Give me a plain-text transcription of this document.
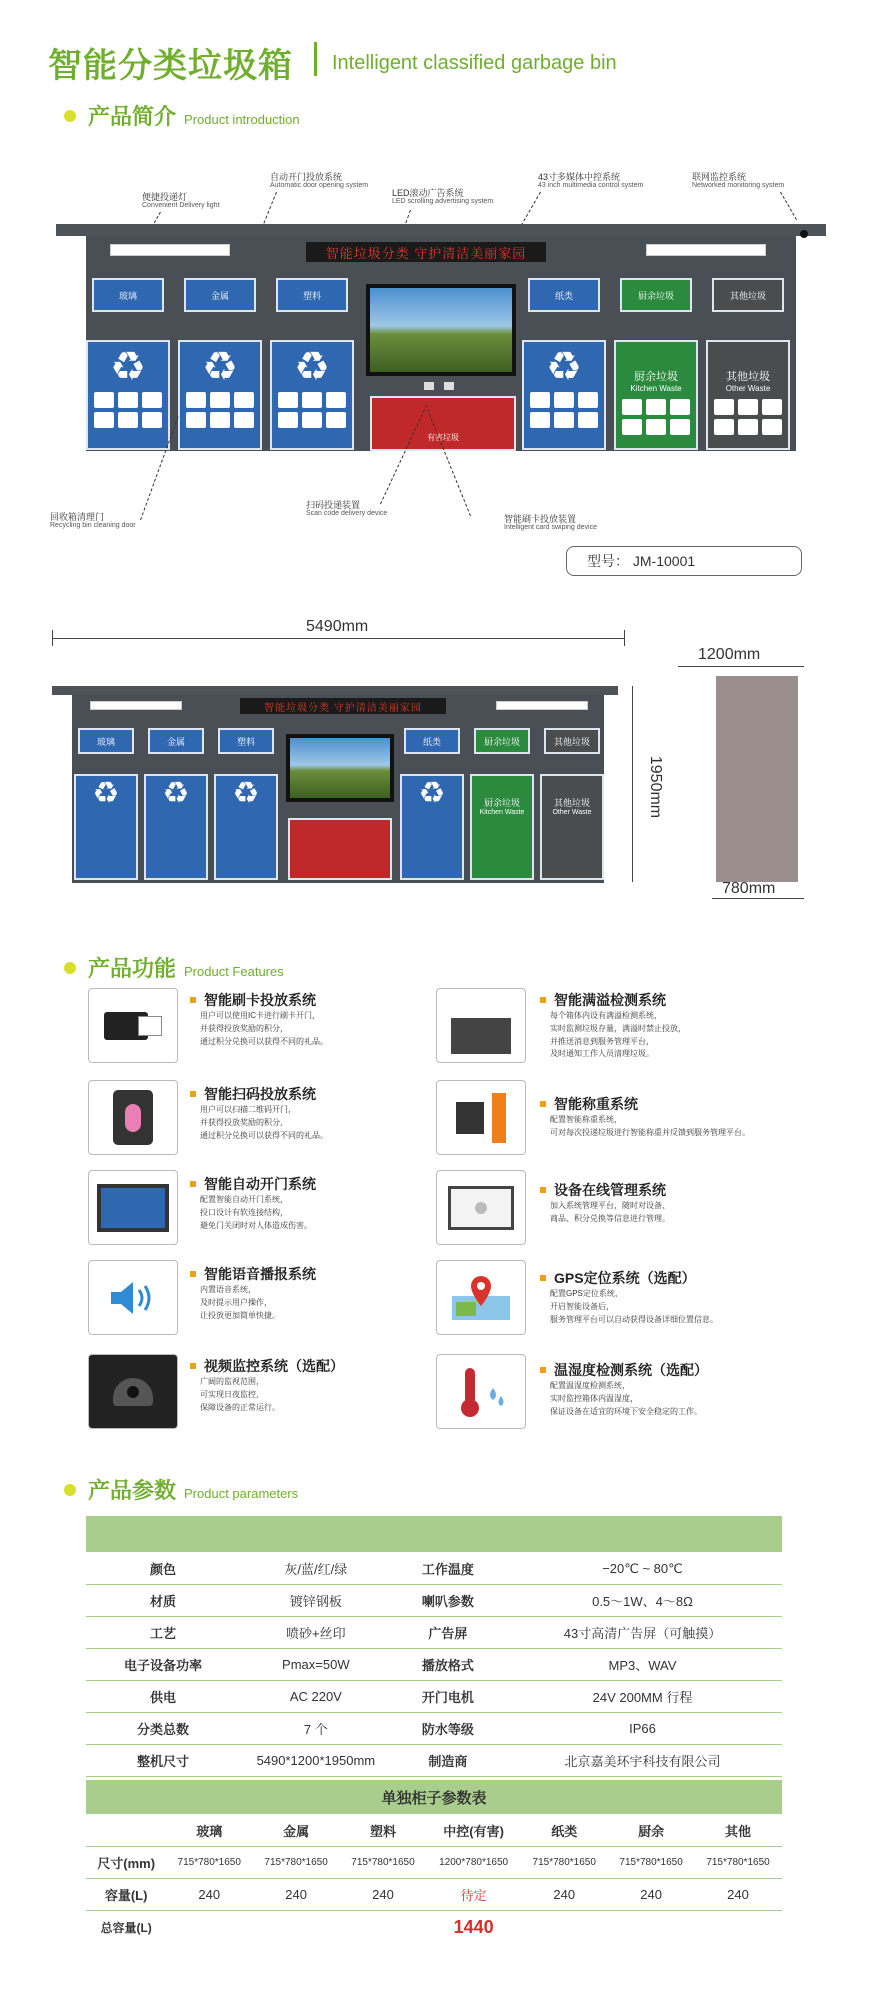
智能分类垃圾箱 Intelligent classified garbage bin
产品简介 Product introduction
便捷投递灯
Convenient Delivery light
自动开门投放系统
Automatic door opening system
LED滚动广告系统
LED scrolling advertising system
43寸多媒体中控系统
43 inch multimedia control system
联网监控系统
Networked monitoring system
智能垃圾分类 守护清洁美丽家园
玻璃
♻
金属
♻
塑料
♻
有害垃圾
纸类
♻
厨余垃圾
厨余垃圾
Kitchen Waste
其他垃圾
其他垃圾
Other Waste
回收箱清理门
Recycling bin cleaning door
扫码投递装置
Scan code delivery device
智能刷卡投放装置
Intelligent card swiping device
型号： JM-10001
5490mm
智能垃圾分类 守护清洁美丽家园
玻璃
♻
金属
♻
塑料
♻
纸类
♻
厨余垃圾
厨余垃圾
Kitchen Waste
其他垃圾
其他垃圾
Other Waste	1950mm
1200mm
780mm
产品功能 Product Features
智能刷卡投放系统
用户可以使用IC卡进行刷卡开门，
并获得投放奖励的积分，
通过积分兑换可以获得不同的礼品。
智能扫码投放系统
用户可以扫描二维码开门，
并获得投放奖励的积分，
通过积分兑换可以获得不同的礼品。
智能自动开门系统
配置智能自动开门系统，
投口设计有软连接结构，
避免门关闭时对人体造成伤害。
智能语音播报系统
内置语音系统，
及时提示用户操作，
让投放更加简单快捷。
视频监控系统（选配）
广阔的监视范围，
可实现日夜监控，
保障设备的正常运行。
智能满溢检测系统
每个箱体内设有满溢检测系统，
实时监测垃圾存量，满溢时禁止投放，
并推送消息到服务管理平台，
及时通知工作人员清理垃圾。
智能称重系统
配置智能称重系统，
可对每次投递垃圾进行智能称重并反馈到服务管理平台。
设备在线管理系统
加入系统管理平台，随时对设备、
商品、积分兑换等信息进行管理。
GPS定位系统（选配）
配置GPS定位系统，
开启智能设备后，
服务管理平台可以自动获得设备详细位置信息。
温湿度检测系统（选配）
配置温湿度检测系统，
实时监控箱体内温湿度，
保证设备在适宜的环境下安全稳定的工作。
产品参数 Product parameters
颜色	灰/蓝/红/绿	工作温度	−20℃ ~ 80℃
材质	镀锌钢板	喇叭参数	0.5～1W、4～8Ω
工艺	喷砂+丝印	广告屏	43寸高清广告屏（可触摸）
电子设备功率	Pmax=50W	播放格式	MP3、WAV
供电	AC 220V	开门电机	24V 200MM 行程
分类总数	7 个	防水等级	IP66
整机尺寸	5490*1200*1950mm	制造商	北京嘉美环宇科技有限公司
单独柜子参数表
	玻璃	金属	塑料	中控(有害)	纸类	厨余	其他
尺寸(mm)	715*780*1650	715*780*1650	715*780*1650	1200*780*1650	715*780*1650	715*780*1650	715*780*1650
容量(L)	240	240	240	待定	240	240	240
总容量(L)	1440						
